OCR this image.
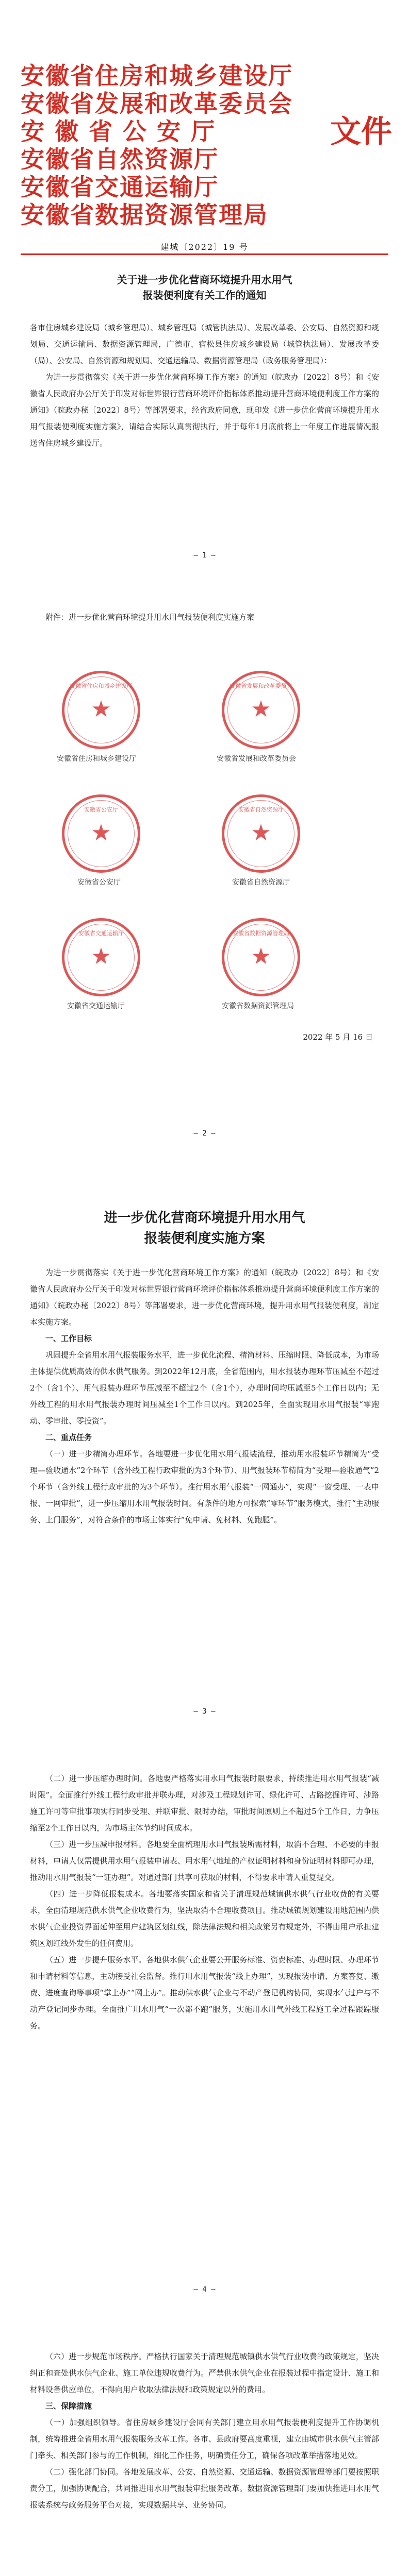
安徽省住房和城乡建设厅
安徽省发展和改革委员会
安 徽 省 公 安 厅
安徽省自然资源厅
安徽省交通运输厅
安徽省数据资源管理局
文件
建城〔2022〕19 号
关于进一步优化营商环境提升用水用气
报装便利度有关工作的通知

各市住房城乡建设局（城乡管理局）、城乡管理局（城管执法局）、发展改革委、公安局、自然资源和规划局、交通运输局、数据资源管理局，广德市、宿松县住房城乡建设局（城管执法局）、发展改革委（局）、公安局、自然资源和规划局、交通运输局、数据资源管理局（政务服务管理局）：

为进一步贯彻落实《关于进一步优化营商环境工作方案》的通知（皖政办〔2022〕8号）和《安徽省人民政府办公厅关于印发对标世界银行营商环境评价指标体系推动提升营商环境便利度工作方案的通知》（皖政办秘〔2022〕8号）等部署要求，经省政府同意，现印发《进一步优化营商环境提升用水用气报装便利度实施方案》，请结合实际认真贯彻执行，并于每年1月底前将上一年度工作进展情况报送省住房城乡建设厅。

— 1 —

附件：进一步优化营商环境提升用水用气报装便利度实施方案

安徽省住房和城乡建设厅
★
安徽省住房和城乡建设厅
安徽省发展和改革委员会
★
安徽省发展和改革委员会
安徽省公安厅
★
安徽省公安厅
安徽省自然资源厅
★
安徽省自然资源厅
安徽省交通运输厅
★
安徽省交通运输厅
安徽省数据资源管理局
★
安徽省数据资源管理局
2022 年 5 月 16 日
— 2 —
进一步优化营商环境提升用水用气
报装便利度实施方案

为进一步贯彻落实《关于进一步优化营商环境工作方案》的通知（皖政办〔2022〕8号）和《安徽省人民政府办公厅关于印发对标世界银行营商环境评价指标体系推动提升营商环境便利度工作方案的通知》（皖政办秘〔2022〕8号）等部署要求，进一步优化营商环境，提升用水用气报装便利度，制定本实施方案。

一、工作目标

巩固提升全省用水用气报装服务水平，进一步优化流程、精简材料、压缩时限、降低成本，为市场主体提供优质高效的供水供气服务。到2022年12月底，全省范围内，用水报装办理环节压减至不超过2个（含1个）、用气报装办理环节压减至不超过2个（含1个），办理时间均压减至5个工作日以内；无外线工程的用水用气报装办理时间压减至1个工作日以内。到2025年，全面实现用水用气报装“零跑动、零审批、零投资”。

二、重点任务

（一）进一步精简办理环节。各地要进一步优化用水用气报装流程，推动用水报装环节精简为“受理—验收通水”2个环节（含外线工程行政审批的为3个环节）、用气报装环节精简为“受理—验收通气”2个环节（含外线工程行政审批的为3个环节）。推行用水用气报装“一网通办”，实现“一窗受理、一表申报、一网审批”，进一步压缩用水用气报装时间。有条件的地方可探索“零环节”服务模式，推行“主动服务、上门服务”，对符合条件的市场主体实行“免申请、免材料、免跑腿”。

— 3 —

（二）进一步压缩办理时间。各地要严格落实用水用气报装时限要求，持续推进用水用气报装“减时限”。全面推行外线工程行政审批并联办理，对涉及工程规划许可、绿化许可、占路挖掘许可、涉路施工许可等审批事项实行同步受理、并联审批、限时办结，审批时间原则上不超过5个工作日，力争压缩至2个工作日以内，为市场主体节约时间成本。

（三）进一步压减申报材料。各地要全面梳理用水用气报装所需材料，取消不合理、不必要的申报材料，申请人仅需提供用水用气报装申请表、用水用气地址的产权证明材料和身份证明材料即可办理，推动用水用气报装“一证办理”。对通过部门共享可获取的材料，不得要求申请人重复提交。

（四）进一步降低报装成本。各地要落实国家和省关于清理规范城镇供水供气行业收费的有关要求，全面清理规范供水供气企业收费行为，坚决取消不合理收费项目。推动城镇规划建设用地范围内供水供气企业投资界面延伸至用户建筑区划红线，除法律法规和相关政策另有规定外，不得由用户承担建筑区划红线外发生的任何费用。

（五）进一步提升服务水平。各地供水供气企业要公开服务标准、资费标准、办理时限、办理环节和申请材料等信息，主动接受社会监督。推行用水用气报装“线上办理”，实现报装申请、方案答复、缴费、进度查询等事项“掌上办”“网上办”。推动供水供气企业与不动产登记机构协同，实现水气过户与不动产登记同步办理。全面推广用水用气“一次都不跑”服务，实施用水用气外线工程施工全过程跟踪服务。

— 4 —

（六）进一步规范市场秩序。严格执行国家关于清理规范城镇供水供气行业收费的政策规定，坚决纠正和查处供水供气企业、施工单位违规收费行为。严禁供水供气企业在报装过程中指定设计、施工和材料设备供应单位，不得向用户收取法律法规和政策规定以外的费用。

三、保障措施

（一）加强组织领导。省住房城乡建设厅会同有关部门建立用水用气报装便利度提升工作协调机制，统筹推进全省用水用气报装服务改革工作。各市、县政府要高度重视，建立由城市供水供气主管部门牵头、相关部门参与的工作机制，细化工作任务，明确责任分工，确保各项改革举措落地见效。

（二）强化部门协同。各地发展改革、公安、自然资源、交通运输、数据资源管理等部门要按照职责分工，加强协调配合，共同推进用水用气报装审批服务改革。数据资源管理部门要加快推进用水用气报装系统与政务服务平台对接，实现数据共享、业务协同。
